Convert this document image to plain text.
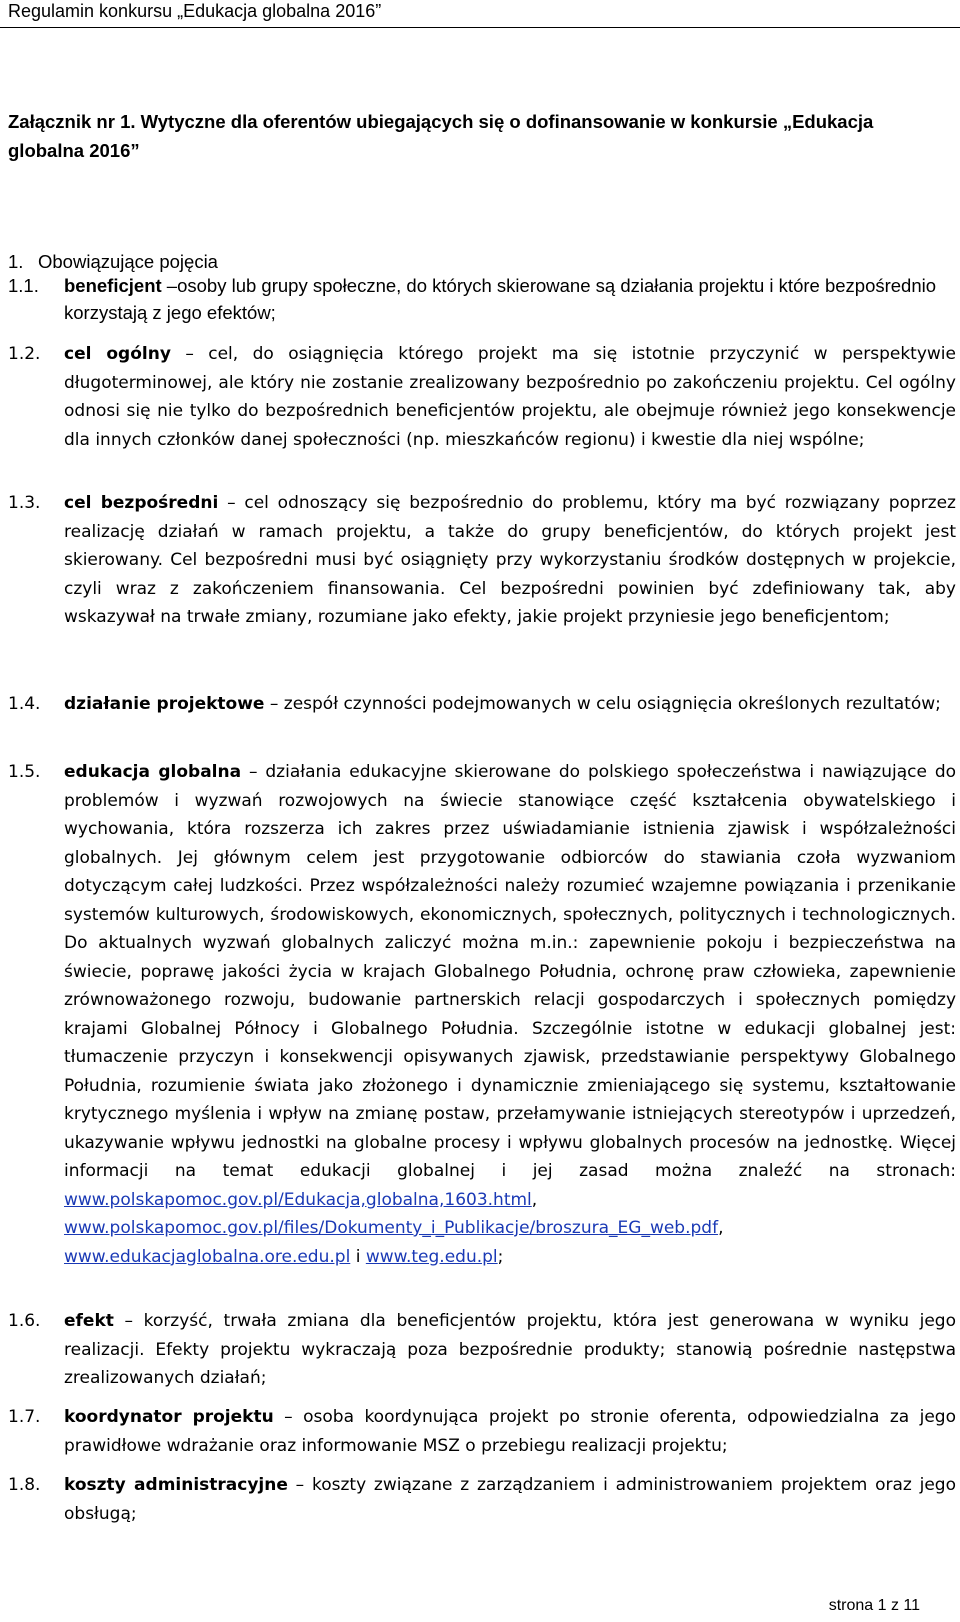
Regulamin konkursu „Edukacja globalna 2016”
Załącznik nr 1. Wytyczne dla oferentów ubiegających się o dofinansowanie w konkursie „Edukacja globalna 2016”
1. Obowiązujące pojęcia
1.1. beneficjent –osoby lub grupy społeczne, do których skierowane są działania projektu i które bezpośrednio korzystają z jego efektów;
1.2. cel ogólny – cel, do osiągnięcia którego projekt ma się istotnie przyczynić w perspektywie długoterminowej, ale który nie zostanie zrealizowany bezpośrednio po zakończeniu projektu. Cel ogólny odnosi się nie tylko do bezpośrednich beneficjentów projektu, ale obejmuje również jego konsekwencje dla innych członków danej społeczności (np. mieszkańców regionu) i kwestie dla niej wspólne;
1.3. cel bezpośredni – cel odnoszący się bezpośrednio do problemu, który ma być rozwiązany poprzez realizację działań w ramach projektu, a także do grupy beneficjentów, do których projekt jest skierowany. Cel bezpośredni musi być osiągnięty przy wykorzystaniu środków dostępnych w projekcie, czyli wraz z zakończeniem finansowania. Cel bezpośredni powinien być zdefiniowany tak, aby wskazywał na trwałe zmiany, rozumiane jako efekty, jakie projekt przyniesie jego beneficjentom;
1.4. działanie projektowe – zespół czynności podejmowanych w celu osiągnięcia określonych rezultatów;
1.5. edukacja globalna – działania edukacyjne skierowane do polskiego społeczeństwa i nawiązujące do problemów i wyzwań rozwojowych na świecie stanowiące część kształcenia obywatelskiego i wychowania, która rozszerza ich zakres przez uświadamianie istnienia zjawisk i współzależności globalnych. Jej głównym celem jest przygotowanie odbiorców do stawiania czoła wyzwaniom dotyczącym całej ludzkości. Przez współzależności należy rozumieć wzajemne powiązania i przenikanie systemów kulturowych, środowiskowych, ekonomicznych, społecznych, politycznych i technologicznych. Do aktualnych wyzwań globalnych zaliczyć można m.in.: zapewnienie pokoju i bezpieczeństwa na świecie, poprawę jakości życia w krajach Globalnego Południa, ochronę praw człowieka, zapewnienie zrównoważonego rozwoju, budowanie partnerskich relacji gospodarczych i społecznych pomiędzy krajami Globalnej Północy i Globalnego Południa. Szczególnie istotne w edukacji globalnej jest: tłumaczenie przyczyn i konsekwencji opisywanych zjawisk, przedstawianie perspektywy Globalnego Południa, rozumienie świata jako złożonego i dynamicznie zmieniającego się systemu, kształtowanie krytycznego myślenia i wpływ na zmianę postaw, przełamywanie istniejących stereotypów i uprzedzeń, ukazywanie wpływu jednostki na globalne procesy i wpływu globalnych procesów na jednostkę. Więcej informacji na temat edukacji globalnej i jej zasad można znaleźć na stronach: www.polskapomoc.gov.pl/Edukacja,globalna,1603.html, www.polskapomoc.gov.pl/files/Dokumenty_i_Publikacje/broszura_EG_web.pdf, www.edukacjaglobalna.ore.edu.pl i www.teg.edu.pl;
1.6. efekt – korzyść, trwała zmiana dla beneficjentów projektu, która jest generowana w wyniku jego realizacji. Efekty projektu wykraczają poza bezpośrednie produkty; stanowią pośrednie następstwa zrealizowanych działań;
1.7. koordynator projektu – osoba koordynująca projekt po stronie oferenta, odpowiedzialna za jego prawidłowe wdrażanie oraz informowanie MSZ o przebiegu realizacji projektu;
1.8. koszty administracyjne – koszty związane z zarządzaniem i administrowaniem projektem oraz jego obsługą;
strona 1 z 11
